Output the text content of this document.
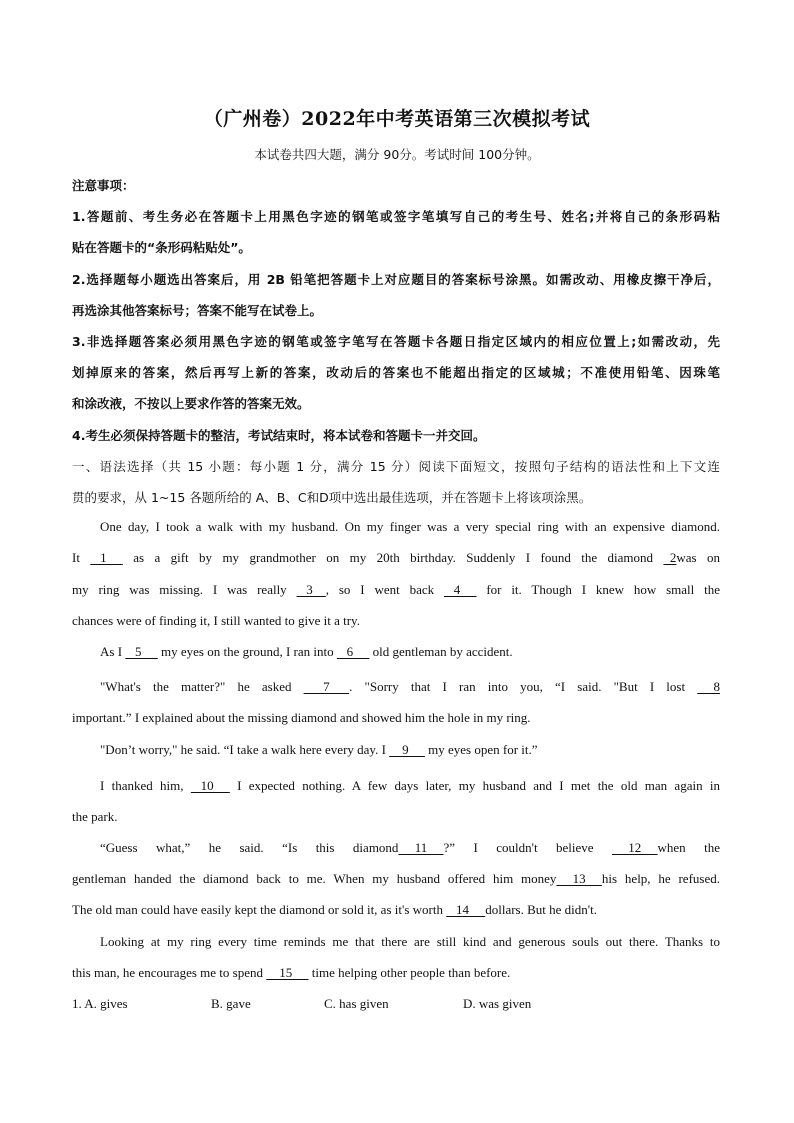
（广州卷）2022年中考英语第三次模拟考试
本试卷共四大题，满分 90分。考试时间 100分钟。
注意事项：
1.答题前、考生务必在答题卡上用黑色字迹的钢笔或签字笔填写自己的考生号、姓名;并将自己的条形码粘
贴在答题卡的“条形码粘贴处”。
2.选择题每小题选出答案后，用 2B 铅笔把答题卡上对应题目的答案标号涂黑。如需改动、用橡皮擦干净后，
再选涂其他答案标号；答案不能写在试卷上。
3.非选择题答案必须用黑色字迹的钢笔或签字笔写在答题卡各题日指定区域内的相应位置上;如需改动，先
划掉原来的答案，然后再写上新的答案，改动后的答案也不能超出指定的区域城；不准使用铅笔、因珠笔
和涂改液，不按以上要求作答的答案无效。
4.考生必须保持答题卡的整洁，考试结束时，将本试卷和答题卡一并交回。
一、语法选择（共 15 小题：每小题 1 分，满分 15 分）阅读下面短文，按照句子结构的语法性和上下文连
贯的要求，从 1~15 各题所给的 A、B、C和D项中选出最佳选项，并在答题卡上将该项涂黑。
One day, I took a walk with my husband. On my finger was a very special ring with an expensive diamond.
It    1      as a gift by my grandmother on my 20th birthday. Suddenly I found the diamond   2was on
my ring was missing. I was really    3    , so I went back    4      for it. Though I knew how small the
chances were of finding it, I still wanted to give it a try.
As I    5      my eyes on the ground, I ran into    6      old gentleman by accident.
"What's the matter?" he asked       7      . "Sorry that I ran into you, “I said. "But I lost      8
important.” I explained about the missing diamond and showed him the hole in my ring.
"Don’t worry," he said. “I take a walk here every day. I     9      my eyes open for it.”
I thanked him,    10      I expected nothing. A few days later, my husband and I met the old man again in
the park.
“Guess what,” he said. “Is this diamond     11     ?” I couldn't believe      12     when the
gentleman handed the diamond back to me. When my husband offered him money     13     his help, he refused.
The old man could have easily kept the diamond or sold it, as it's worth    14     dollars. But he didn't.
Looking at my ring every time reminds me that there are still kind and generous souls out there. Thanks to
this man, he encourages me to spend     15      time helping other people than before.
1. A. gives	B. gave	C. has given	D. was given
